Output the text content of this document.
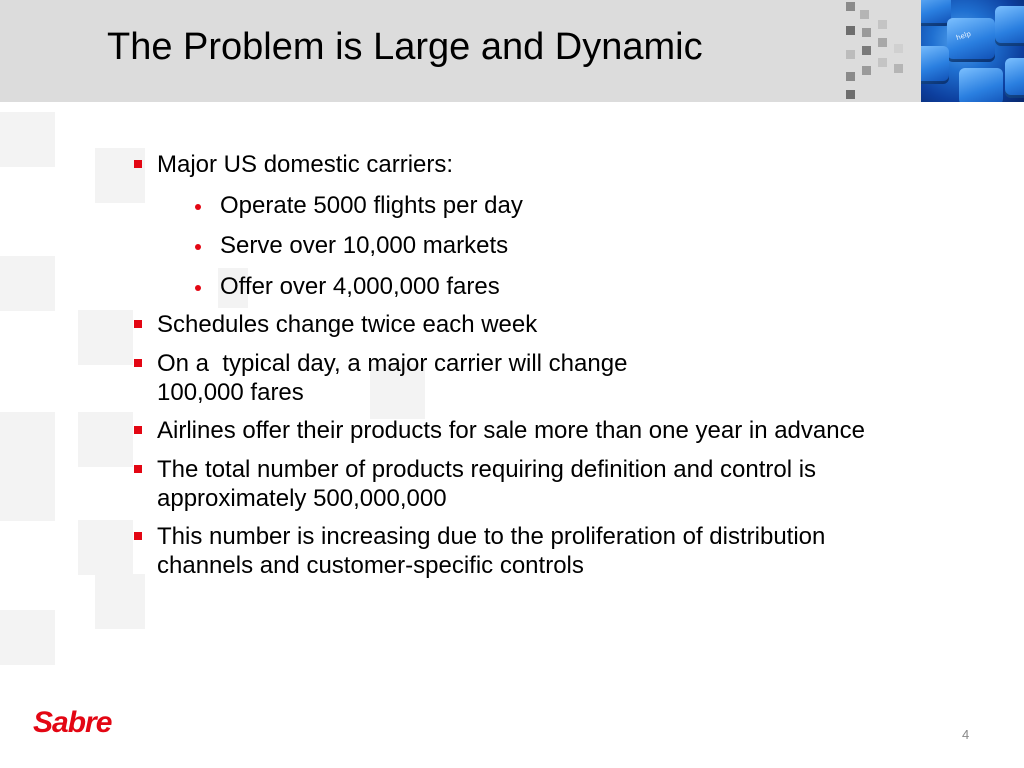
The Problem is Large and Dynamic	help
Major US domestic carriers:
Operate 5000 flights per day
Serve over 10,000 markets
Offer over 4,000,000 fares
Schedules change twice each week
On a  typical day, a major carrier will change 100,000 fares
Airlines offer their products for sale more than one year in advance
The total number of products requiring definition and control is approximately 500,000,000
This number is increasing due to the proliferation of distribution channels and customer-specific controls
Sabre	4
